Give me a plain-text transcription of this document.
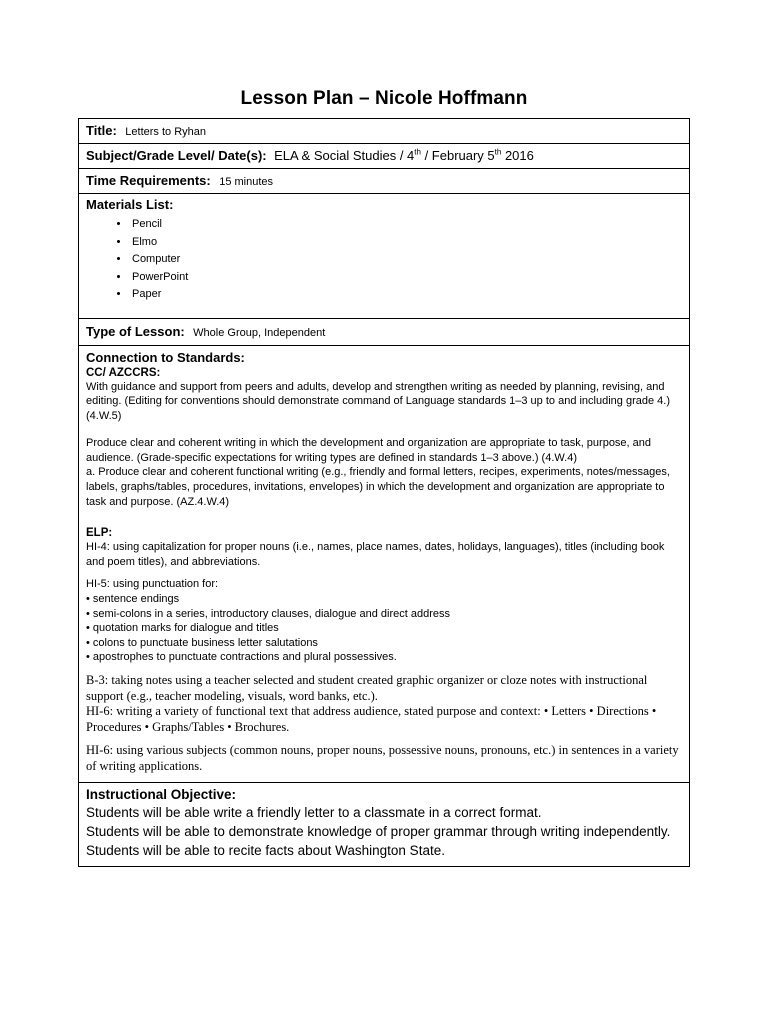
Lesson Plan – Nicole Hoffmann
Title: Letters to Ryhan
Subject/Grade Level/ Date(s): ELA & Social Studies / 4th / February 5th 2016
Time Requirements: 15 minutes
Materials List:
• Pencil
• Elmo
• Computer
• PowerPoint
• Paper
Type of Lesson: Whole Group, Independent
Connection to Standards:
CC/ AZCCRS:

With guidance and support from peers and adults, develop and strengthen writing as needed by planning, revising, and editing. (Editing for conventions should demonstrate command of Language standards 1–3 up to and including grade 4.) (4.W.5)

Produce clear and coherent writing in which the development and organization are appropriate to task, purpose, and audience. (Grade-specific expectations for writing types are defined in standards 1–3 above.) (4.W.4)

a. Produce clear and coherent functional writing (e.g., friendly and formal letters, recipes, experiments, notes/messages, labels, graphs/tables, procedures, invitations, envelopes) in which the development and organization are appropriate to task and purpose. (AZ.4.W.4)

ELP:

HI-4: using capitalization for proper nouns (i.e., names, place names, dates, holidays, languages), titles (including book and poem titles), and abbreviations.

HI-5: using punctuation for:

• sentence endings

• semi-colons in a series, introductory clauses, dialogue and direct address

• quotation marks for dialogue and titles

• colons to punctuate business letter salutations

• apostrophes to punctuate contractions and plural possessives.

B-3: taking notes using a teacher selected and student created graphic organizer or cloze notes with instructional support (e.g., teacher modeling, visuals, word banks, etc.).

HI-6: writing a variety of functional text that address audience, stated purpose and context: • Letters • Directions • Procedures • Graphs/Tables • Brochures.

HI-6: using various subjects (common nouns, proper nouns, possessive nouns, pronouns, etc.) in sentences in a variety of writing applications.

Instructional Objective:
Students will be able write a friendly letter to a classmate in a correct format.
Students will be able to demonstrate knowledge of proper grammar through writing independently.
Students will be able to recite facts about Washington State.
